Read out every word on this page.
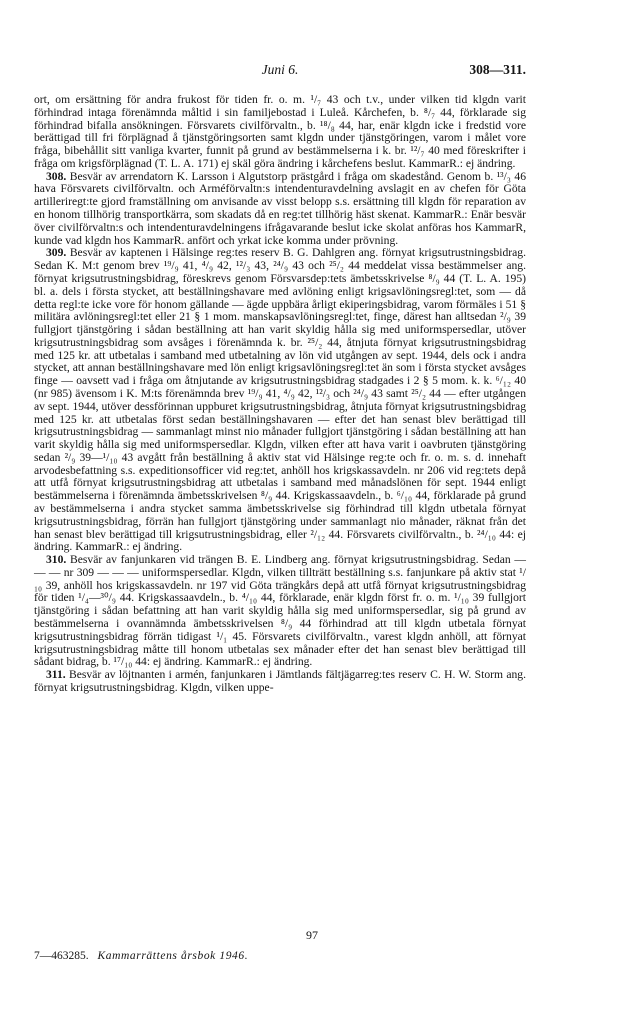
Juni 6.	308—311.

ort, om ersättning för andra frukost för tiden fr. o. m. ¹/₇ 43 och t.v., under vilken tid klgdn varit förhindrad intaga förenämnda måltid i sin familjebostad i Luleå. Kårchefen, b. ⁸/₇ 44, förklarade sig förhindrad bifalla ansökningen. Försvarets civilförvaltn., b. ¹⁸/₈ 44, har, enär klgdn icke i fredstid vore berättigad till fri förplägnad å tjänstgöringsorten samt klgdn under tjänstgöringen, varom i målet vore fråga, bibehållit sitt vanliga kvarter, funnit på grund av bestämmelserna i k. br. ¹²/₇ 40 med föreskrifter i fråga om krigsförplägnad (T. L. A. 171) ej skäl göra ändring i kårchefens beslut. KammarR.: ej ändring.

308. Besvär av arrendatorn K. Larsson i Algutstorp prästgård i fråga om skadestånd. Genom b. ¹³/₃ 46 hava Försvarets civilförvaltn. och Arméförvaltn:s intendenturavdelning avslagit en av chefen för Göta artilleriregt:te gjord framställning om anvisande av visst belopp s.s. ersättning till klgdn för reparation av en honom tillhörig transportkärra, som skadats då en reg:tet tillhörig häst skenat. KammarR.: Enär besvär över civilförvaltn:s och intendenturavdelningens ifrågavarande beslut icke skolat anföras hos KammarR, kunde vad klgdn hos KammarR. anfört och yrkat icke komma under prövning.

309. Besvär av kaptenen i Hälsinge reg:tes reserv B. G. Dahlgren ang. förnyat krigsutrustningsbidrag. Sedan K. M:t genom brev ¹⁹/₉ 41, ⁴/₉ 42, ¹²/₃ 43, ²⁴/₉ 43 och ²⁵/₂ 44 meddelat vissa bestämmelser ang. förnyat krigsutrustningsbidrag, föreskrevs genom Försvarsdep:tets ämbetsskrivelse ⁸/₉ 44 (T. L. A. 195) bl. a. dels i första stycket, att beställningshavare med avlöning enligt krigsavlöningsregl:tet, som — då detta regl:te icke vore för honom gällande — ägde uppbära årligt ekiperingsbidrag, varom förmäles i 51 § militära avlöningsregl:tet eller 21 § 1 mom. manskapsavlöningsregl:tet, finge, därest han alltsedan ²/₉ 39 fullgjort tjänstgöring i sådan beställning att han varit skyldig hålla sig med uniformspersedlar, utöver krigsutrustningsbidrag som avsåges i förenämnda k. br. ²⁵/₂ 44, åtnjuta förnyat krigsutrustningsbidrag med 125 kr. att utbetalas i samband med utbetalning av lön vid utgången av sept. 1944, dels ock i andra stycket, att annan beställningshavare med lön enligt krigsavlöningsregl:tet än som i första stycket avsåges finge — oavsett vad i fråga om åtnjutande av krigsutrustningsbidrag stadgades i 2 § 5 mom. k. k. ⁶/₁₂ 40 (nr 985) ävensom i K. M:ts förenämnda brev ¹⁹/₉ 41, ⁴/₉ 42, ¹²/₃ och ²⁴/₉ 43 samt ²⁵/₂ 44 — efter utgången av sept. 1944, utöver dessförinnan uppburet krigsutrustningsbidrag, åtnjuta förnyat krigsutrustningsbidrag med 125 kr. att utbetalas först sedan beställningshavaren — efter det han senast blev berättigad till krigsutrustningsbidrag — sammanlagt minst nio månader fullgjort tjänstgöring i sådan beställning att han varit skyldig hålla sig med uniformspersedlar. Klgdn, vilken efter att hava varit i oavbruten tjänstgöring sedan ²/₉ 39—¹/₁₀ 43 avgått från beställning å aktiv stat vid Hälsinge reg:te och fr. o. m. s. d. innehaft arvodesbefattning s.s. expeditionsofficer vid reg:tet, anhöll hos krigskassavdeln. nr 206 vid reg:tets depå att utfå förnyat krigsutrustningsbidrag att utbetalas i samband med månadslönen för sept. 1944 enligt bestämmelserna i förenämnda ämbetsskrivelsen ⁸/₉ 44. Krigskassaavdeln., b. ⁶/₁₀ 44, förklarade på grund av bestämmelserna i andra stycket samma ämbetsskrivelse sig förhindrad till klgdn utbetala förnyat krigsutrustningsbidrag, förrän han fullgjort tjänstgöring under sammanlagt nio månader, räknat från det han senast blev berättigad till krigsutrustningsbidrag, eller ²/₁₂ 44. Försvarets civilförvaltn., b. ²⁴/₁₀ 44: ej ändring. KammarR.: ej ändring.

310. Besvär av fanjunkaren vid trängen B. E. Lindberg ang. förnyat krigsutrustningsbidrag. Sedan — — — nr 309 — — — uniformspersedlar. Klgdn, vilken tillträtt beställning s.s. fanjunkare på aktiv stat ¹/₁₀ 39, anhöll hos krigskassavdeln. nr 197 vid Göta trängkårs depå att utfå förnyat krigsutrustningsbidrag för tiden ¹/₄—³⁰/₉ 44. Krigskassaavdeln., b. ⁴/₁₀ 44, förklarade, enär klgdn först fr. o. m. ¹/₁₀ 39 fullgjort tjänstgöring i sådan befattning att han varit skyldig hålla sig med uniformspersedlar, sig på grund av bestämmelserna i ovannämnda ämbetsskrivelsen ⁸/₉ 44 förhindrad att till klgdn utbetala förnyat krigsutrustningsbidrag förrän tidigast ¹/₁ 45. Försvarets civilförvaltn., varest klgdn anhöll, att förnyat krigsutrustningsbidrag måtte till honom utbetalas sex månader efter det han senast blev berättigad till sådant bidrag, b. ¹⁷/₁₀ 44: ej ändring. KammarR.: ej ändring.

311. Besvär av löjtnanten i armén, fanjunkaren i Jämtlands fältjägarreg:tes reserv C. H. W. Storm ang. förnyat krigsutrustningsbidrag. Klgdn, vilken uppe-

97
7—463285. Kammarrättens årsbok 1946.
